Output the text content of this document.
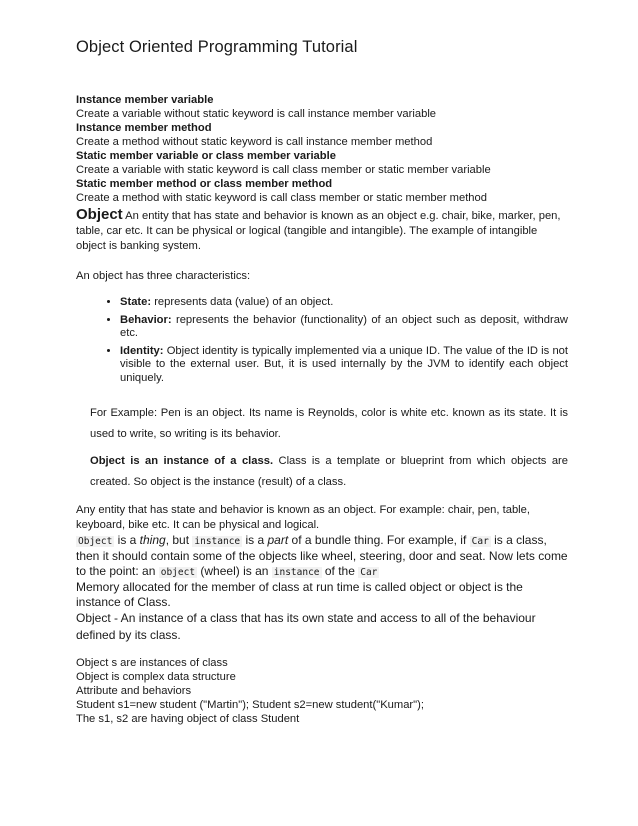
Object Oriented Programming Tutorial
Instance member variable
Create a variable without static keyword is call instance member variable
Instance member method
Create a method without static keyword is call instance member method
Static member variable or class member variable
Create a variable with static keyword is call class member or static member variable
Static member method or class member method
Create a method with static keyword is call class member or static member method
Object An entity that has state and behavior is known as an object e.g. chair, bike, marker, pen, table, car etc. It can be physical or logical (tangible and intangible). The example of intangible object is banking system.
An object has three characteristics:
• State: represents data (value) of an object.
• Behavior: represents the behavior (functionality) of an object such as deposit, withdraw etc.
• Identity: Object identity is typically implemented via a unique ID. The value of the ID is not visible to the external user. But, it is used internally by the JVM to identify each object uniquely.
For Example: Pen is an object. Its name is Reynolds, color is white etc. known as its state. It is used to write, so writing is its behavior.
Object is an instance of a class. Class is a template or blueprint from which objects are created. So object is the instance (result) of a class.
Any entity that has state and behavior is known as an object. For example: chair, pen, table, keyboard, bike etc. It can be physical and logical.
Object is a thing, but instance is a part of a bundle thing. For example, if Car is a class, then it should contain some of the objects like wheel, steering, door and seat. Now lets come to the point: an object (wheel) is an instance of the Car
Memory allocated for the member of class at run time is called object or object is the instance of Class.
Object - An instance of a class that has its own state and access to all of the behaviour defined by its class.
Object s are instances of class
Object is complex data structure
Attribute and behaviors
Student s1=new student ("Martin"); Student s2=new student("Kumar");
The s1, s2 are having object of class Student
